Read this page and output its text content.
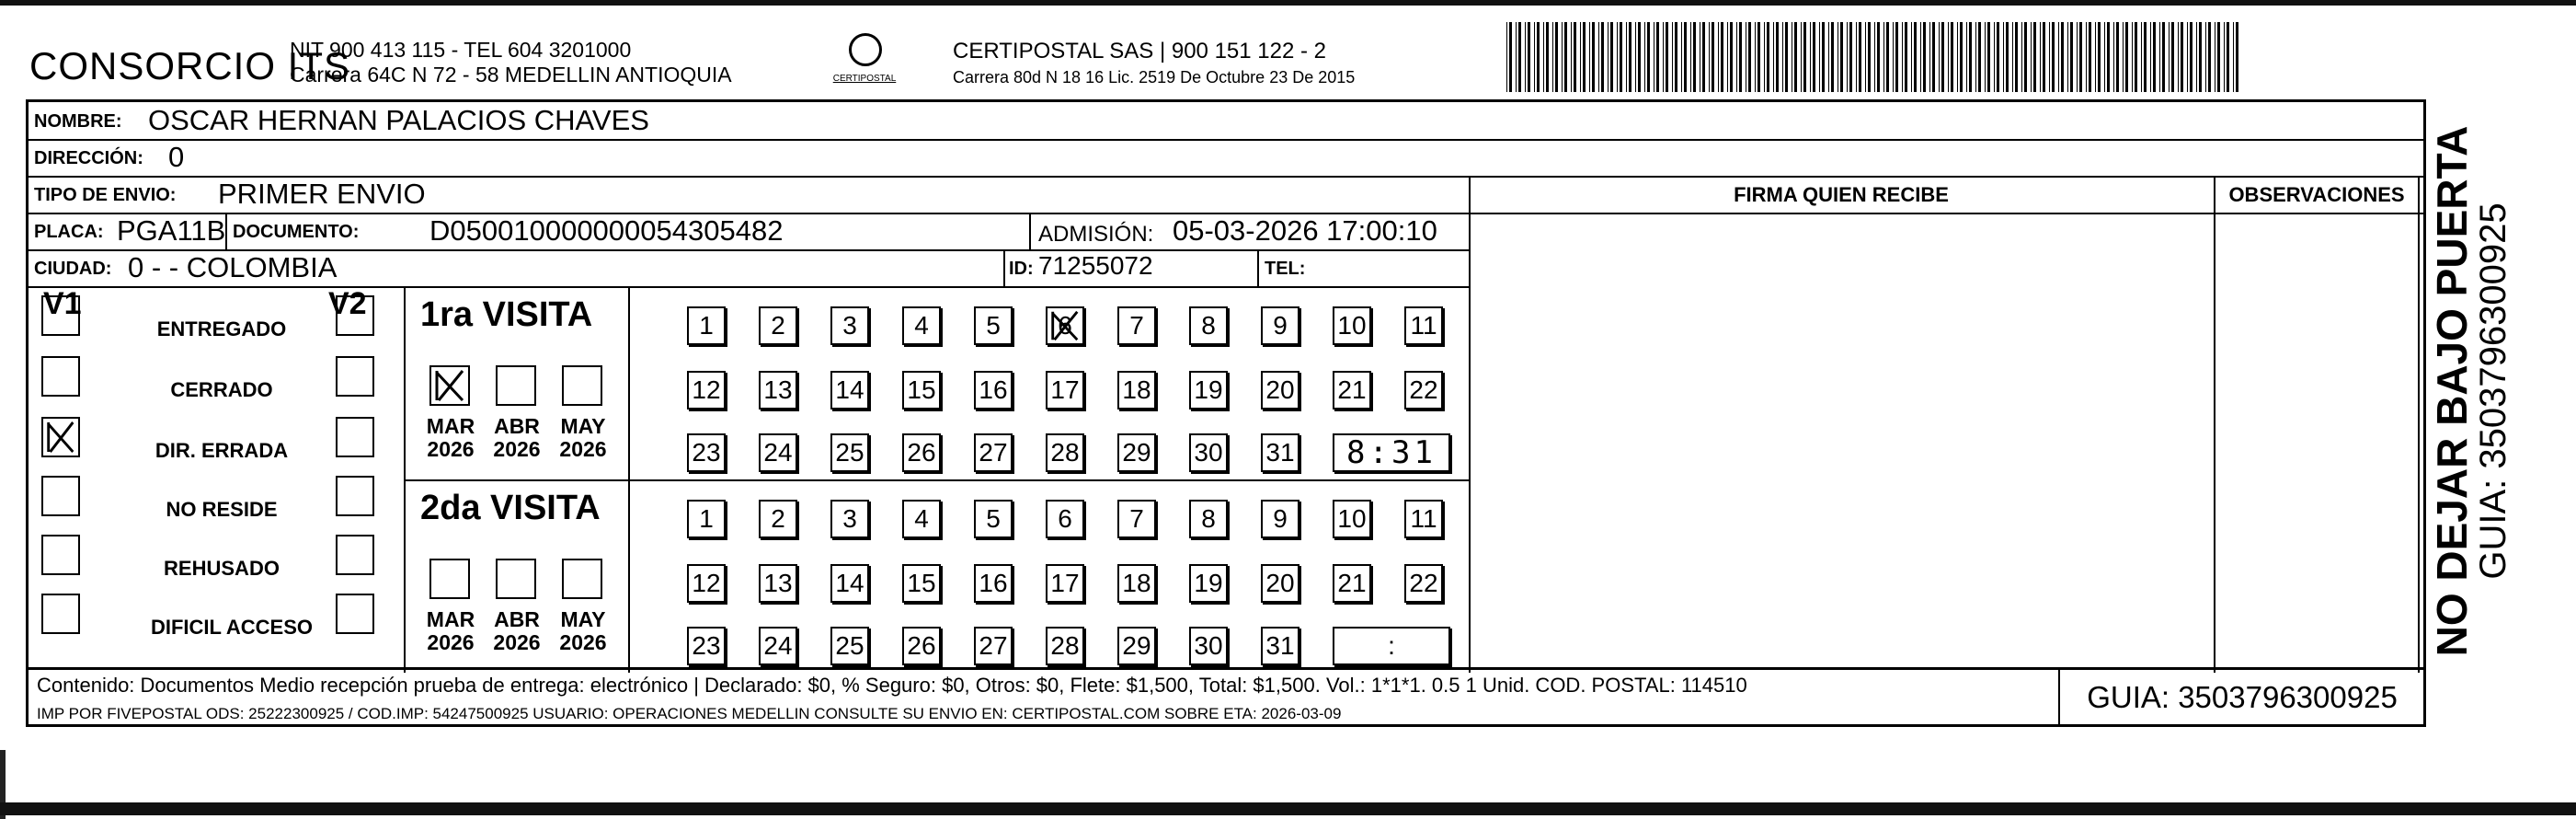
CONSORCIO ITS
NIT 900 413 115 - TEL 604 3201000
Carrera 64C N 72 - 58 MEDELLIN ANTIOQUIA	CERTIPOSTAL
CERTIPOSTAL SAS | 900 151 122 - 2
Carrera 80d N 18 16 Lic. 2519 De Octubre 23 De 2015
NOMBRE: OSCAR HERNAN PALACIOS CHAVES
DIRECCIÓN: 0
TIPO DE ENVIO: PRIMER ENVIO	FIRMA QUIEN RECIBE	OBSERVACIONES
PLACA: PGA11B DOCUMENTO: D050010000000054305482	ADMISIÓN: 05-03-2026 17:00:10
CIUDAD: 0 - - COLOMBIA	ID: 71255072	TEL:
V1	V2
ENTREGADO
CERRADO
DIR. ERRADA
NO RESIDE
REHUSADO
DIFICIL ACCESO
1ra VISITA
MAR
2026
ABR
2026
MAY
2026
1 2 3 4 5 6 7 8 9 10 11
12 13 14 15 16 17 18 19 20 21 22
23 24 25 26 27 28 29 30 31 8:31
2da VISITA
MAR
2026
ABR
2026
MAY
2026
1 2 3 4 5 6 7 8 9 10 11
12 13 14 15 16 17 18 19 20 21 22
23 24 25 26 27 28 29 30 31	:
Contenido: Documentos Medio recepción prueba de entrega: electrónico | Declarado: $0, % Seguro: $0, Otros: $0, Flete: $1,500, Total: $1,500. Vol.: 1*1*1. 0.5 1 Unid. COD. POSTAL: 114510
IMP POR FIVEPOSTAL ODS: 25222300925 / COD.IMP: 54247500925 USUARIO: OPERACIONES MEDELLIN CONSULTE SU ENVIO EN: CERTIPOSTAL.COM SOBRE ETA: 2026-03-09	GUIA: 3503796300925
NO DEJAR BAJO PUERTA
GUIA: 3503796300925
